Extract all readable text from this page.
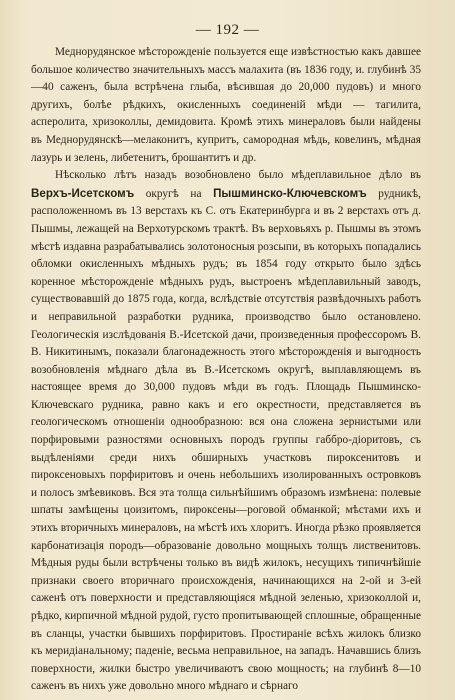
— 192 —

Меднорудянское мѣсторожденiе пользуется еще извѣстностью какъ давшее большое количество значительныхъ массъ малахита (въ 1836 году, и. глубинѣ 35—40 саженъ, была встрѣчена глыба, вѣсившая до 20,000 пудовъ) и много другихъ, болѣе рѣдкихъ, окисленныхъ соединенiй мѣди — тагилита, асперолита, хризоколлы, демидовита. Кромѣ этихъ минераловъ были найдены въ Меднорудянскѣ—мелаконитъ, купритъ, самородная мѣдь, ковелинъ, мѣдная лазурь и зелень, либетенитъ, брошантитъ и др.

Нѣсколько лѣтъ назадъ возобновлено было мѣдеплавильное дѣло въ Верхъ-Исетскомъ округѣ на Пышминско-Ключевскомъ рудникѣ, расположенномъ въ 13 верстахъ къ С. отъ Екатеринбурга и въ 2 верстахъ отъ д. Пышмы, лежащей на Верхотурскомъ трактѣ. Въ верховьяхъ р. Пышмы въ этомъ мѣстѣ издавна разрабатывались золотоносныя розсыпи, въ которыхъ попадались обломки окисленныхъ мѣдныхъ рудъ; въ 1854 году открыто было здѣсь коренное мѣсторожденiе мѣдныхъ рудъ, выстроенъ мѣдеплавильный заводъ, существовавшiй до 1875 года, когда, вслѣдствiе отсутствiя развѣдочныхъ работъ и неправильной разработки рудника, производство было остановлено. Геологическiя изслѣдованiя В.-Исетской дачи, произведенныя профессоромъ В. В. Никитинымъ, показали благонадежность этого мѣсторожденiя и выгодность возобновленiя мѣднаго дѣла въ В.-Исетскомъ округѣ, выплавляющемъ въ настоящее время до 30,000 пудовъ мѣди въ годъ. Площадь Пышминско-Ключевскаго рудника, равно какъ и его окрестности, представляется въ геологическомъ отношенiи однообразною: вся она сложена зернистыми или порфировыми разностями основныхъ породъ группы габбро-дiоритовъ, съ выдѣленiями среди нихъ обширныхъ участковъ пироксенитовъ и пироксеновыхъ порфиритовъ и очень небольшихъ изолированныхъ островковъ и полосъ змѣевиковъ. Вся эта толща сильнѣйшимъ образомъ измѣнена: полевые шпаты замѣщены цоизитомъ, пироксены—роговой обманкой; мѣстами ихъ и этихъ вторичныхъ минераловъ, на мѣстѣ ихъ хлоритъ. Иногда рѣзко проявляется карбонатизацiя породъ—образованiе довольно мощныхъ толщъ лиственитовъ. Мѣдныя руды были встрѣчены только въ видѣ жилокъ, несущихъ типичнѣйшiе признаки своего вторичнаго происхожденiя, начинающихся на 2-ой и 3-ей саженѣ отъ поверхности и представляющiяся мѣдной зеленью, хризоколлой и, рѣдко, кирпичной мѣдной рудой, густо пропитывающей сплошные, обращенные въ сланцы, участки бывшихъ порфиритовъ. Простиранiе всѣхъ жилокъ близко къ меридiанальному; паденiе, весьма неправильное, на западъ. Начавшись близъ поверхности, жилки быстро увеличиваютъ свою мощность; на глубинѣ 8—10 саженъ въ нихъ уже довольно много мѣднаго и сѣрнаго
